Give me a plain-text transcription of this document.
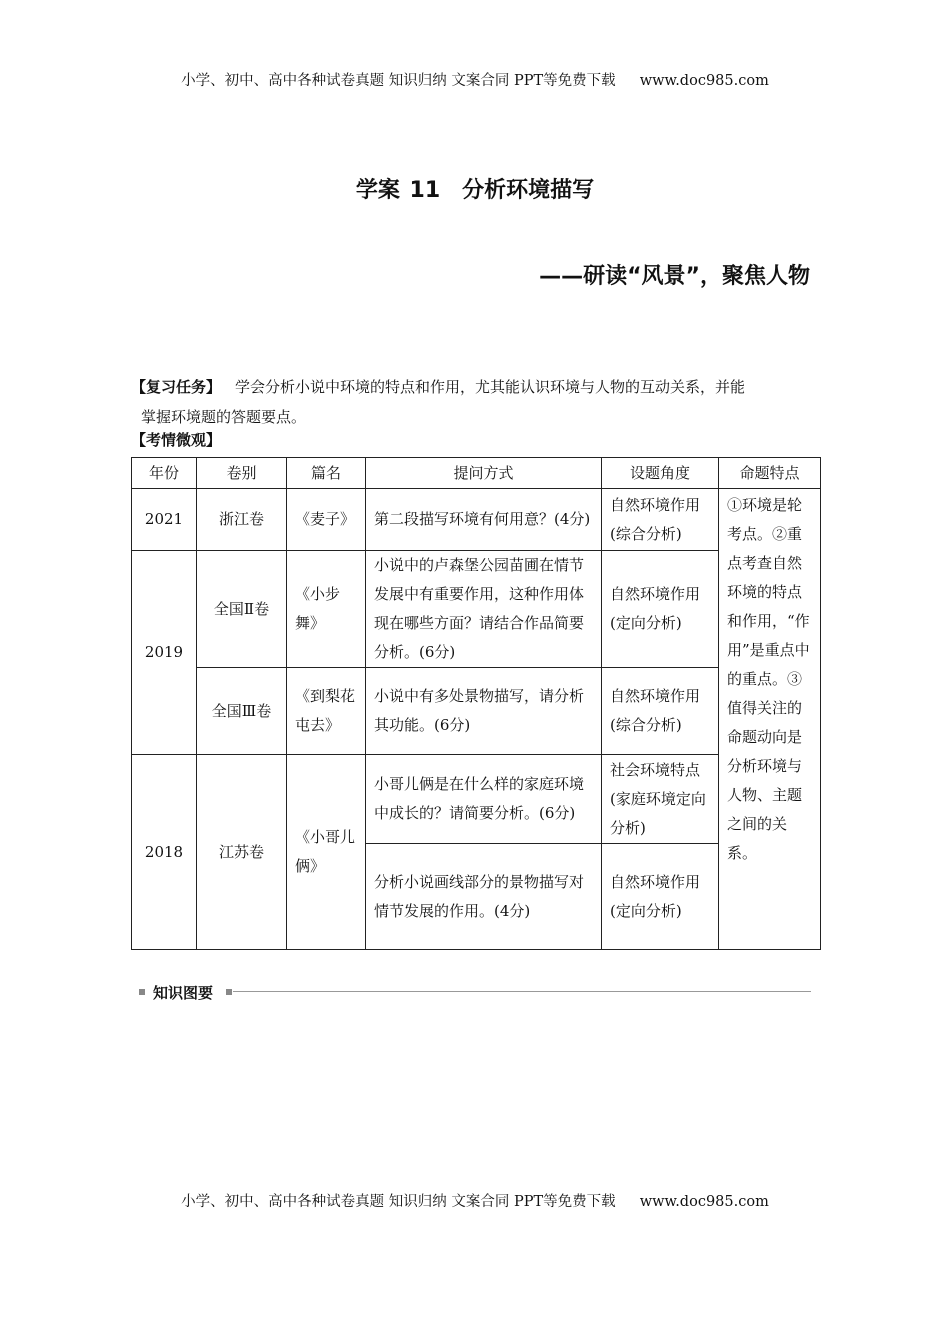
小学、初中、高中各种试卷真题 知识归纳 文案合同 PPT等免费下载 www.doc985.com
学案 11 分析环境描写
——研读“风景”，聚焦人物
【复习任务】 学会分析小说中环境的特点和作用，尤其能认识环境与人物的互动关系，并能
掌握环境题的答题要点。
【考情微观】
年份	卷别	篇名	提问方式	设题角度	命题特点
2021	浙江卷	《麦子》	第二段描写环境有何用意？(4分)	自然环境作用(综合分析)	①环境是轮考点。②重点考查自然环境的特点和作用，“作用”是重点中的重点。③值得关注的命题动向是分析环境与人物、主题之间的关系。
2019	全国Ⅱ卷	《小步舞》	小说中的卢森堡公园苗圃在情节发展中有重要作用，这种作用体现在哪些方面？请结合作品简要分析。(6分)	自然环境作用(定向分析)	
	全国Ⅲ卷	《到梨花屯去》	小说中有多处景物描写，请分析其功能。(6分)	自然环境作用(综合分析)	
2018	江苏卷	《小哥儿俩》	小哥儿俩是在什么样的家庭环境中成长的？请简要分析。(6分)	社会环境特点(家庭环境定向分析)	
			分析小说画线部分的景物描写对情节发展的作用。(4分)	自然环境作用(定向分析)	
知识图要
小学、初中、高中各种试卷真题 知识归纳 文案合同 PPT等免费下载 www.doc985.com
